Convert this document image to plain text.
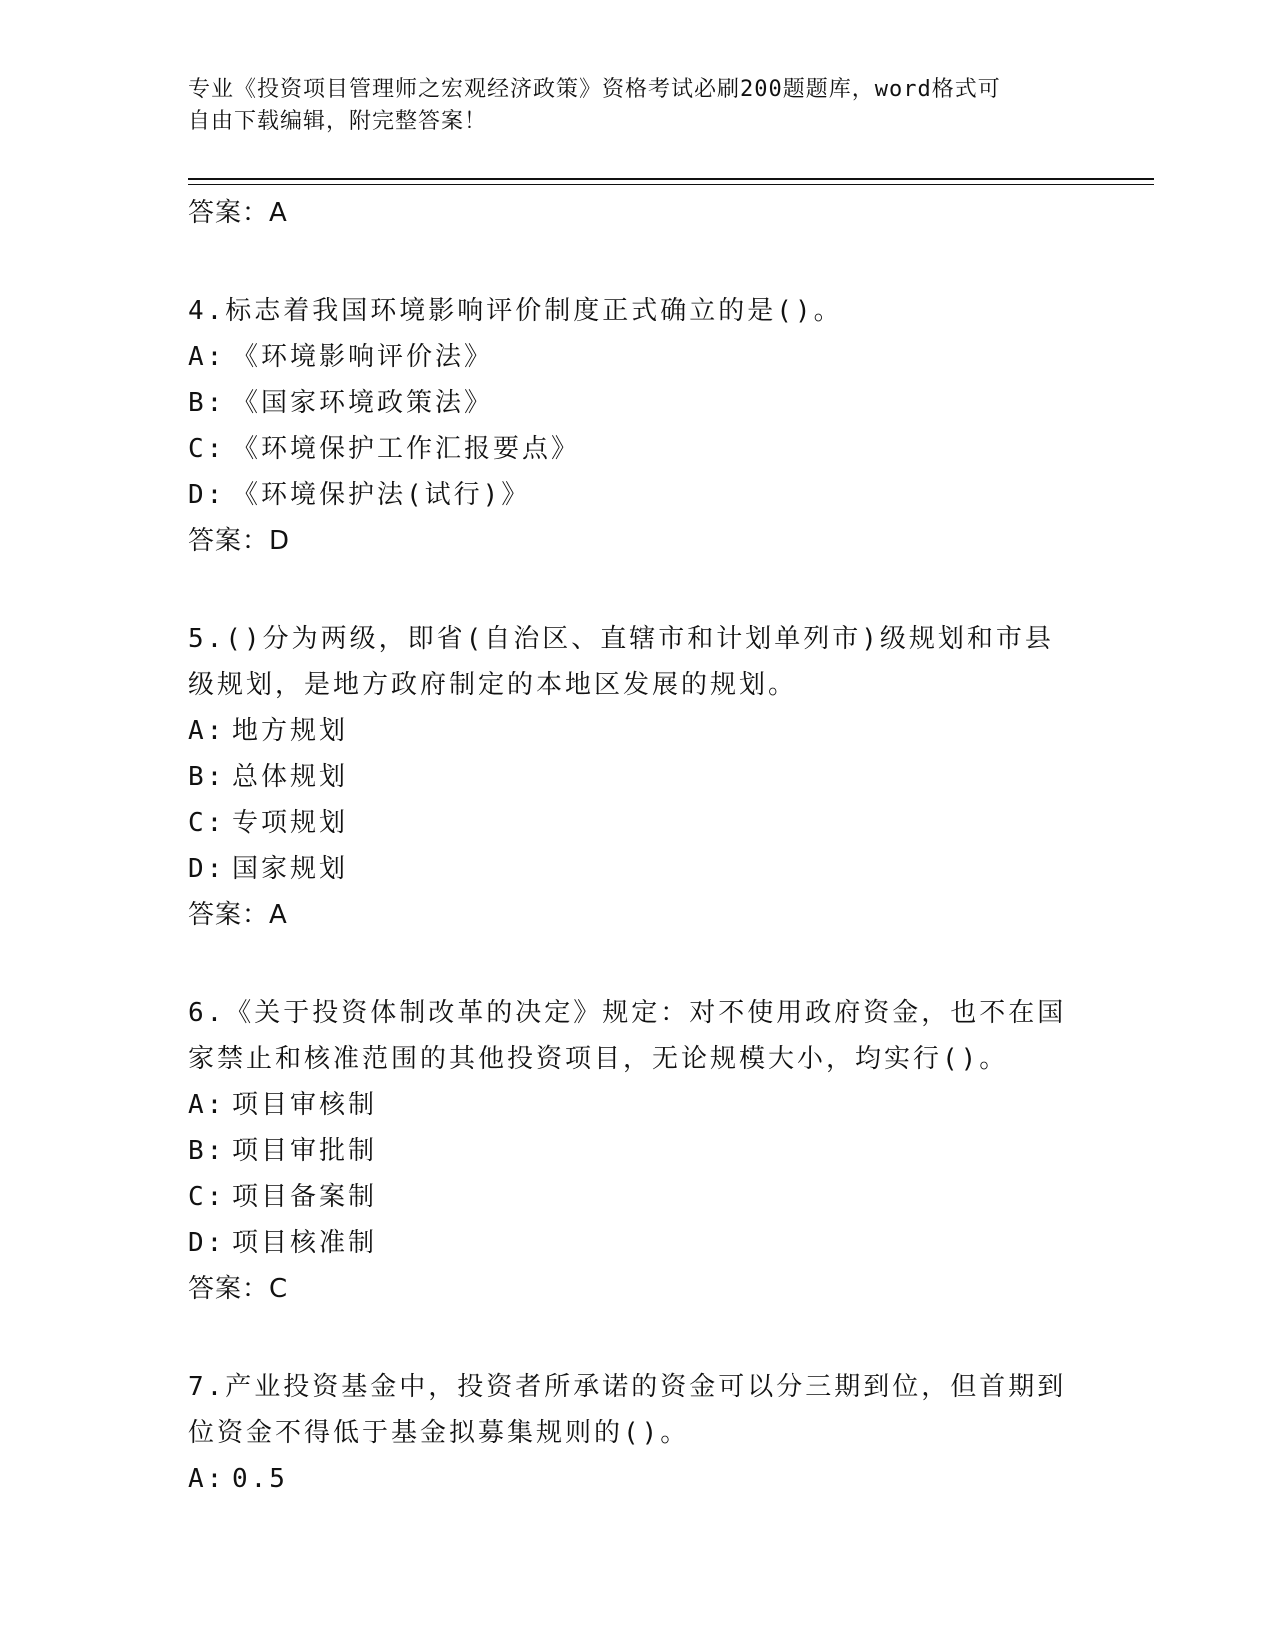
专业《投资项目管理师之宏观经济政策》资格考试必刷200题题库，word格式可
自由下载编辑，附完整答案！
答案：A
4.标志着我国环境影响评价制度正式确立的是()。
A: 《环境影响评价法》
B: 《国家环境政策法》
C: 《环境保护工作汇报要点》
D: 《环境保护法(试行)》
答案：D
5.()分为两级，即省(自治区、直辖市和计划单列市)级规划和市县级规划，是地方政府制定的本地区发展的规划。
A: 地方规划
B: 总体规划
C: 专项规划
D: 国家规划
答案：A
6.《关于投资体制改革的决定》规定：对不使用政府资金，也不在国家禁止和核准范围的其他投资项目，无论规模大小，均实行()。
A: 项目审核制
B: 项目审批制
C: 项目备案制
D: 项目核准制
答案：C
7.产业投资基金中，投资者所承诺的资金可以分三期到位，但首期到位资金不得低于基金拟募集规则的()。
A: 0.5
